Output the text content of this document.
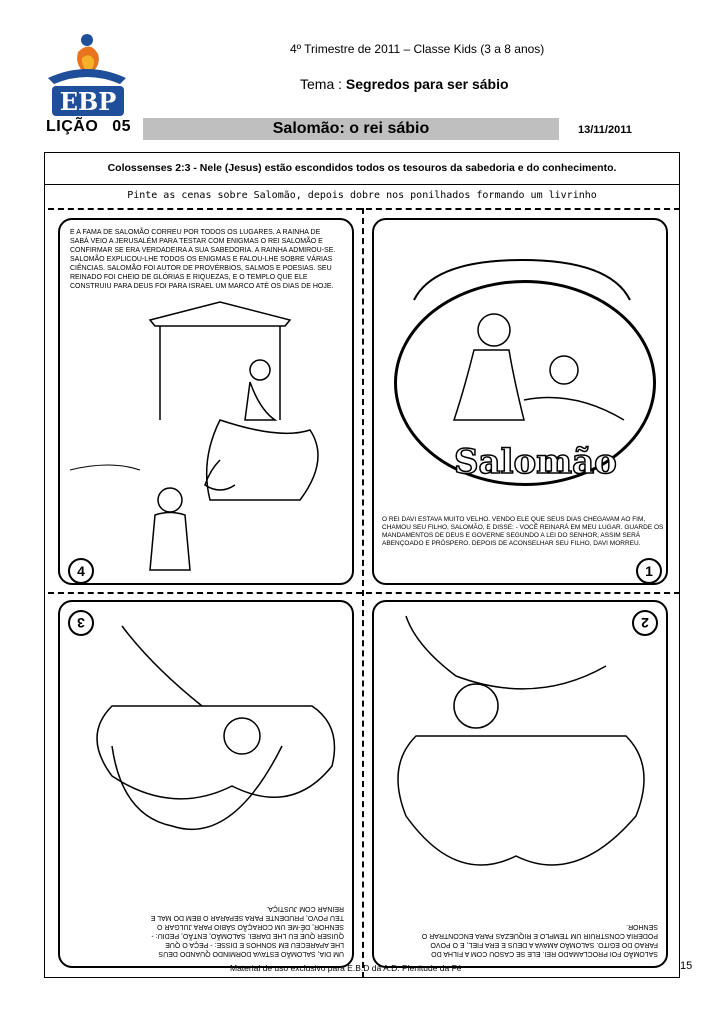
EBP
4º Trimestre de 2011 – Classe Kids (3 a 8 anos)
Tema : Segredos para ser sábio
LIÇÃO 05	Salomão: o rei sábio	13/11/2011
Colossenses 2:3 - Nele (Jesus) estão escondidos todos os tesouros da sabedoria e do conhecimento.
Pinte as cenas sobre Salomão, depois dobre nos ponilhados formando um livrinho
E A FAMA DE SALOMÃO CORREU POR TODOS OS LUGARES. A RAINHA DE SABÁ VEIO A JERUSALÉM PARA TESTAR COM ENIGMAS O REI SALOMÃO E CONFIRMAR SE ERA VERDADEIRA A SUA SABEDORIA. A RAINHA ADMIROU-SE. SALOMÃO EXPLICOU-LHE TODOS OS ENIGMAS E FALOU-LHE SOBRE VÁRIAS CIÊNCIAS. SALOMÃO FOI AUTOR DE PROVÉRBIOS, SALMOS E POESIAS. SEU REINADO FOI CHEIO DE GLÓRIAS E RIQUEZAS, E O TEMPLO QUE ELE CONSTRUIU PARA DEUS FOI PARA ISRAEL UM MARCO ATÉ OS DIAS DE HOJE.
4
Salomão
O REI DAVI ESTAVA MUITO VELHO. VENDO ELE QUE SEUS DIAS CHEGAVAM AO FIM, CHAMOU SEU FILHO, SALOMÃO, E DISSE: - VOCÊ REINARÁ EM MEU LUGAR. GUARDE OS MANDAMENTOS DE DEUS E GOVERNE SEGUNDO A LEI DO SENHOR, ASSIM SERÁ ABENÇOADO E PRÓSPERO. DEPOIS DE ACONSELHAR SEU FILHO, DAVI MORREU.
1
UM DIA, SALOMÃO ESTAVA DORMINDO QUANDO DEUS LHE APARECEU EM SONHOS E DISSE: - PEÇA O QUE QUISER QUE EU LHE DAREI. SALOMÃO, ENTÃO, PEDIU: - SENHOR, DÊ-ME UM CORAÇÃO SÁBIO PARA JULGAR O TEU POVO, PRUDENTE PARA SEPARAR O BEM DO MAL E REINAR COM JUSTIÇA.
3
SALOMÃO FOI PROCLAMADO REI. ELE SE CASOU COM A FILHA DO FARAÓ DO EGITO. SALOMÃO AMAVA A DEUS E ERA FIEL, E O POVO PODERIA CONSTRUIR UM TEMPLO E RIQUEZAS PARA ENCONTRAR O SENHOR.
2
Material de uso exclusivo para E.B.D da A.D. Plenitude da Fé	15
